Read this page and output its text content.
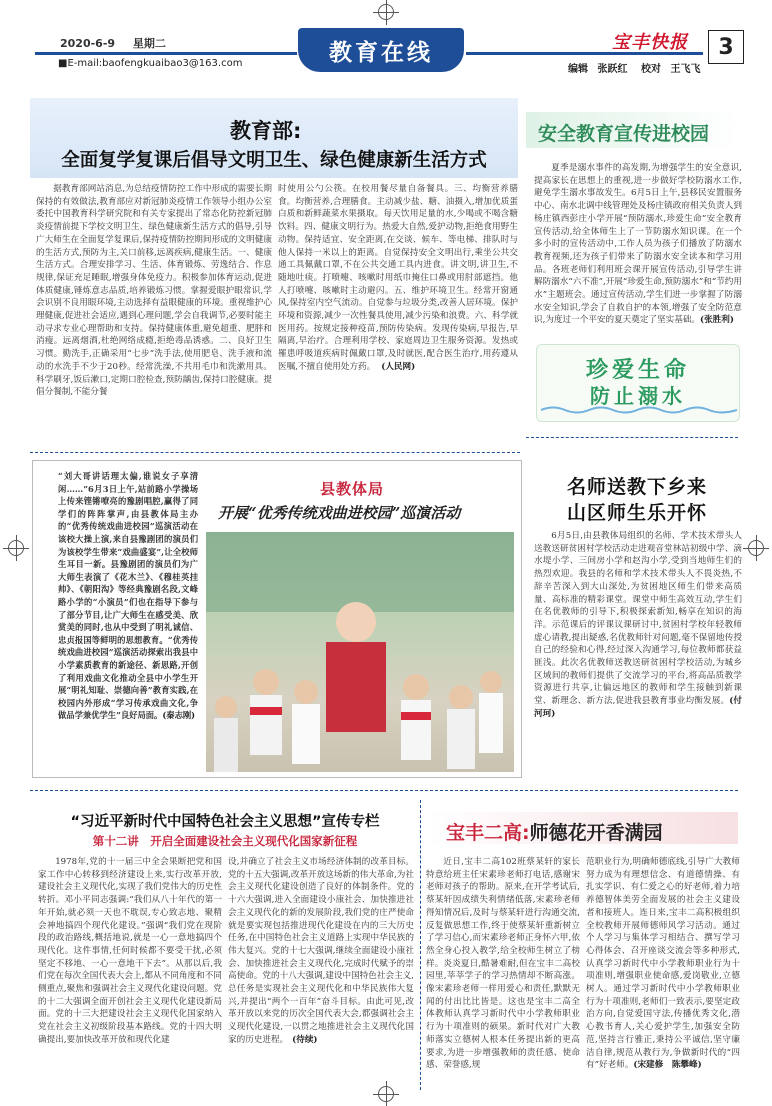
2020-6-9 星期二
■E-mail:baofengkuaibao3@163.com	教育在线	宝丰快报 3
编辑 张跃红 校对 王飞飞
教育部:
全面复学复课后倡导文明卫生、绿色健康新生活方式
据教育部网站消息,为总结疫情防控工作中形成的需要长期保持的有效做法,教育部应对新冠肺炎疫情工作领导小组办公室委托中国教育科学研究院和有关专家提出了常态化防控新冠肺炎疫情前提下学校文明卫生、绿色健康新生活方式的倡导,引导广大师生在全面复学复课后,保持疫情防控期间形成的文明健康的生活方式,预防为主,关口前移,远离疾病,健康生活。一、健康生活方式。合理安排学习、生活、体育锻炼、劳逸结合、作息规律,保证充足睡眠,增强身体免疫力。积极参加体育运动,促进体质健康,锤炼意志品质,培养锻炼习惯。掌握爱眼护眼常识,学会识别不良用眼环境,主动选择有益眼健康的环境。重视维护心理健康,促进社会适应,遇到心理问题,学会自我调节,必要时能主动寻求专业心理帮助和支持。保持健康体重,避免超重、肥胖和消瘦。远离烟酒,杜绝网络成瘾,拒绝毒品诱惑。二、良好卫生习惯。勤洗手,正确采用“七步”洗手法,使用肥皂、洗手液和流动的水洗手不少于20秒。经常洗澡,不共用毛巾和洗漱用具。科学刷牙,饭后漱口,定期口腔检查,预防龋齿,保持口腔健康。提倡分餐制,不能分餐
时使用公勺公筷。在校用餐尽量自备餐具。三、均衡营养膳食。均衡营养,合理膳食。主动减少盐、糖、油摄入,增加优质蛋白质和新鲜蔬菜水果摄取。每天饮用足量的水,少喝或不喝含糖饮料。四、健康文明行为。热爱大自然,爱护动物,拒绝食用野生动物。保持适宜、安全距离,在交谈、候车、等电梯、排队时与他人保持一米以上的距离。自觉保持安全文明出行,乘坐公共交通工具佩戴口罩,不在公共交通工具内进食。讲文明,讲卫生,不随地吐痰。打喷嚏、咳嗽时用纸巾掩住口鼻或用肘部遮挡。他人打喷嚏、咳嗽时主动避闪。五、维护环境卫生。经常开窗通风,保持室内空气流动。自觉参与垃圾分类,改善人居环境。保护环境和资源,减少一次性餐具使用,减少污染和浪费。六、科学就医用药。按规定接种疫苗,预防传染病。发现传染病,早报告,早隔离,早治疗。合理利用学校、家庭周边卫生服务资源。发热或罹患呼吸道疾病时佩戴口罩,及时就医,配合医生治疗,用药遵从医嘱,不擅自使用处方药。 (人民网)
安全教育宣传进校园
夏季是溺水事件的高发期,为增强学生的安全意识,提高家长在思想上的重视,进一步做好学校防溺水工作,避免学生溺水事故发生。6月5日上午,县移民安置服务中心、南水北调中线管理处及杨庄镇政府相关负责人到杨庄镇西彭庄小学开展“预防溺水,珍爱生命”安全教育宣传活动,给全体师生上了一节防溺水知识课。在一个多小时的宣传活动中,工作人员为孩子们播放了防溺水教育视频,还为孩子们带来了防溺水安全读本和学习用品。各班老师们利用班会课开展宣传活动,引导学生讲解防溺水“六不准”,开展“珍爱生命,预防溺水”和“节约用水”主题班会。通过宣传活动,学生们进一步掌握了防溺水安全知识,学会了自救自护的本领,增强了安全防范意识,为度过一个平安的夏天奠定了坚实基础。(张胜利)
珍爱生命
防止溺水
“刘大哥讲话理太偏,谁说女子享清闲……”6月3日上午,站前路小学操场上传来铿锵嘹亮的豫剧唱腔,赢得了同学们的阵阵掌声,由县教体局主办的“优秀传统戏曲进校园”巡演活动在该校大操上演,来自县豫剧团的演员们为该校学生带来“戏曲盛宴”,让全校师生耳目一新。县豫剧团的演员们为广大师生表演了《花木兰》、《穆桂英挂帅》、《朝阳沟》等经典豫剧名段,文峰路小学的“小演员”们也在指导下参与了部分节目,让广大师生在感受美、欣赏美的同时,也从中受到了明礼诚信、忠贞报国等鲜明的思想教育。“优秀传统戏曲进校园”巡演活动探索出我县中小学素质教育的新途径、新思路,开创了利用戏曲文化推动全县中小学生开展“明礼知耻、崇德向善”教育实践,在校园内外形成“学习传承戏曲文化,争做品学兼优学生”良好局面。(秦志刚)
县教体局
开展“优秀传统戏曲进校园”巡演活动
名师送教下乡来
山区师生乐开怀
6月5日,由县教体局组织的名师、学术技术带头人送教送研贫困村学校活动走进观音堂林站初级中学、滴水堤小学、三间房小学和赵沟小学,受到当地师生们的热烈欢迎。我县的名师和学术技术带头人不畏炎热,不辞辛苦深入到大山深处,为贫困地区师生们带来高质量、高标准的精彩课堂。课堂中师生高效互动,学生们在名优教师的引导下,积极探索新知,畅享在知识的海洋。示范课后的评课议课研讨中,贫困村学校年轻教师虚心请教,提出疑惑,名优教师针对问题,毫不保留地传授自己的经验和心得,经过深入沟通学习,每位教师都获益匪浅。此次名优教师送教送研贫困村学校活动,为城乡区域间的教师们提供了交流学习的平台,将高品质教学资源进行共享,让偏远地区的教师和学生接触到新课堂、新理念、新方法,促进我县教育事业均衡发展。(付河珂)
“习近平新时代中国特色社会主义思想”宣传专栏
第十二讲　开启全面建设社会主义现代化国家新征程
1978年,党的十一届三中全会果断把党和国家工作中心转移到经济建设上来,实行改革开放,建设社会主义现代化,实现了我们党伟大的历史性转折。邓小平同志强调:“我们从八十年代的第一年开始,就必须一天也不耽误,专心致志地、聚精会神地搞四个现代化建设。”强调“我们党在现阶段的政治路线,概括地说,就是一心一意地搞四个现代化。这件事情,任何时候都不要受干扰,必须坚定不移地、一心一意地干下去”。从那以后,我们党在每次全国代表大会上,都从不同角度和不同侧重点,聚焦和强调社会主义现代化建设问题。党的十二大强调全面开创社会主义现代化建设新局面。党的十三大把建设社会主义现代化国家纳入党在社会主义初级阶段基本路线。党的十四大明确提出,要加快改革开放和现代化建
设,并确立了社会主义市场经济体制的改革目标。党的十五大强调,改革开放这场新的伟大革命,为社会主义现代化建设创造了良好的体制条件。党的十六大强调,进入全面建设小康社会、加快推进社会主义现代化的新的发展阶段,我们党的庄严使命就是要实现包括推进现代化建设在内的三大历史任务,在中国特色社会主义道路上实现中华民族的伟大复兴。党的十七大强调,继续全面建设小康社会、加快推进社会主义现代化,完成时代赋予的崇高使命。党的十八大强调,建设中国特色社会主义,总任务是实现社会主义现代化和中华民族伟大复兴,并提出“两个一百年”奋斗目标。由此可见,改革开放以来党的历次全国代表大会,都强调社会主义现代化建设,一以贯之地推进社会主义现代化国家的历史进程。 (待续)
宝丰二高:师德花开香满园
近日,宝丰二高102班蔡某轩的家长特意给班主任宋素珍老师打电话,感谢宋老师对孩子的帮助。原来,在开学考试后,蔡某轩因成绩失利情绪低落,宋素珍老师得知情况后,及时与蔡某轩进行沟通交流,反复做思想工作,终于使蔡某轩重新树立了学习信心,而宋素珍老师正身怀六甲,依然全身心投入教学,给全校师生树立了榜样。炎炎夏日,酷暑难耐,但在宝丰二高校园里,莘莘学子的学习热情却不断高涨。像宋素珍老师一样用爱心和责任,默默无闻的付出比比皆是。这也是宝丰二高全体教师认真学习新时代中小学教师职业行为十项准则的硕果。新时代对广大教师落实立德树人根本任务提出新的更高要求,为进一步增强教师的责任感、使命感、荣誉感,规
范职业行为,明确师德底线,引导广大教师努力成为有理想信念、有道德情操、有扎实学识、有仁爱之心的好老师,着力培养德智体美劳全面发展的社会主义建设者和接班人。连日来,宝丰二高积极组织全校教师开展师德师风学习活动。通过个人学习与集体学习相结合、撰写学习心得体会、召开座谈交流会等多种形式,认真学习新时代中小学教师职业行为十项准则,增强职业使命感,爱岗敬业,立德树人。通过学习新时代中小学教师职业行为十项准则,老师们一致表示,要坚定政治方向,自觉爱国守法,传播优秀文化,潜心教书育人,关心爱护学生,加强安全防范,坚持言行雅正,秉持公平诚信,坚守廉洁自律,规范从教行为,争做新时代的“四有”好老师。(宋建修　陈攀峰)
